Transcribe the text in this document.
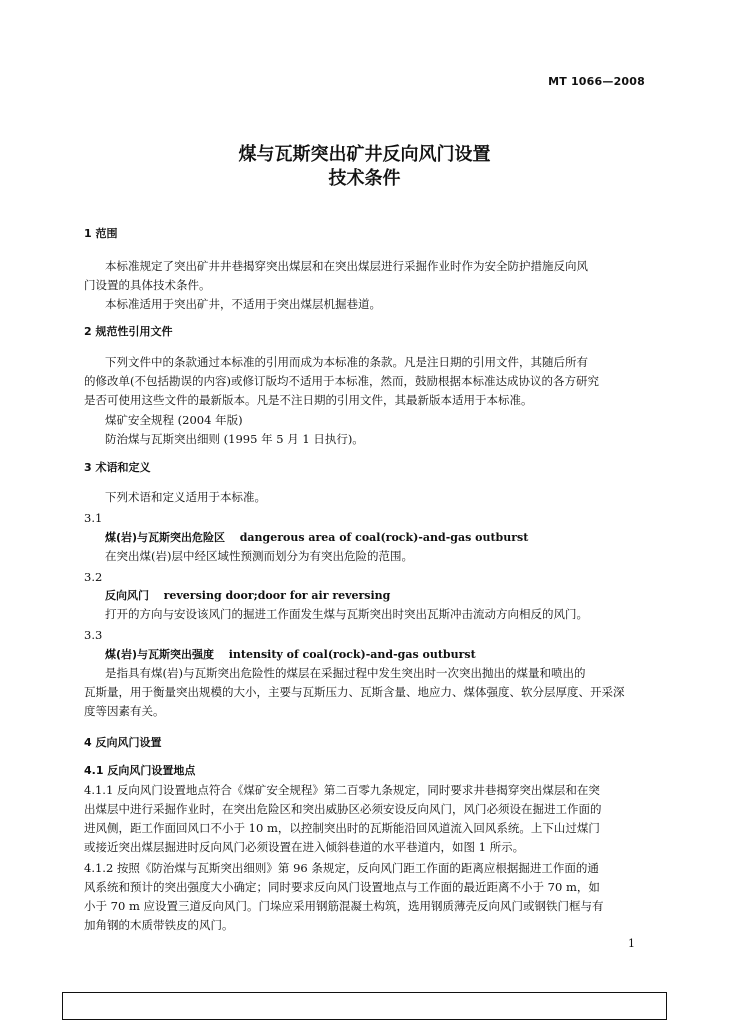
MT 1066—2008
煤与瓦斯突出矿井反向风门设置
技术条件
1 范围
本标准规定了突出矿井井巷揭穿突出煤层和在突出煤层进行采掘作业时作为安全防护措施反向风
门设置的具体技术条件。
本标准适用于突出矿井，不适用于突出煤层机掘巷道。
2 规范性引用文件
下列文件中的条款通过本标准的引用而成为本标准的条款。凡是注日期的引用文件，其随后所有
的修改单(不包括勘误的内容)或修订版均不适用于本标准，然而，鼓励根据本标准达成协议的各方研究
是否可使用这些文件的最新版本。凡是不注日期的引用文件，其最新版本适用于本标准。
煤矿安全规程 (2004 年版)
防治煤与瓦斯突出细则 (1995 年 5 月 1 日执行)。
3 术语和定义
下列术语和定义适用于本标准。
3.1
煤(岩)与瓦斯突出危险区 dangerous area of coal(rock)-and-gas outburst
在突出煤(岩)层中经区域性预测而划分为有突出危险的范围。
3.2
反向风门 reversing door;door for air reversing
打开的方向与安设该风门的掘进工作面发生煤与瓦斯突出时突出瓦斯冲击流动方向相反的风门。
3.3
煤(岩)与瓦斯突出强度 intensity of coal(rock)-and-gas outburst
是指具有煤(岩)与瓦斯突出危险性的煤层在采掘过程中发生突出时一次突出抛出的煤量和喷出的
瓦斯量，用于衡量突出规模的大小，主要与瓦斯压力、瓦斯含量、地应力、煤体强度、软分层厚度、开采深
度等因素有关。
4 反向风门设置
4.1 反向风门设置地点
4.1.1 反向风门设置地点符合《煤矿安全规程》第二百零九条规定，同时要求井巷揭穿突出煤层和在突
出煤层中进行采掘作业时，在突出危险区和突出威胁区必须安设反向风门，风门必须设在掘进工作面的
进风侧，距工作面回风口不小于 10 m，以控制突出时的瓦斯能沿回风道流入回风系统。上下山过煤门
或接近突出煤层掘进时反向风门必须设置在进入倾斜巷道的水平巷道内，如图 1 所示。
4.1.2 按照《防治煤与瓦斯突出细则》第 96 条规定，反向风门距工作面的距离应根据掘进工作面的通
风系统和预计的突出强度大小确定；同时要求反向风门设置地点与工作面的最近距离不小于 70 m，如
小于 70 m 应设置三道反向风门。门垛应采用钢筋混凝土构筑，选用钢质薄壳反向风门或钢铁门框与有
加角钢的木质带铁皮的风门。
1
